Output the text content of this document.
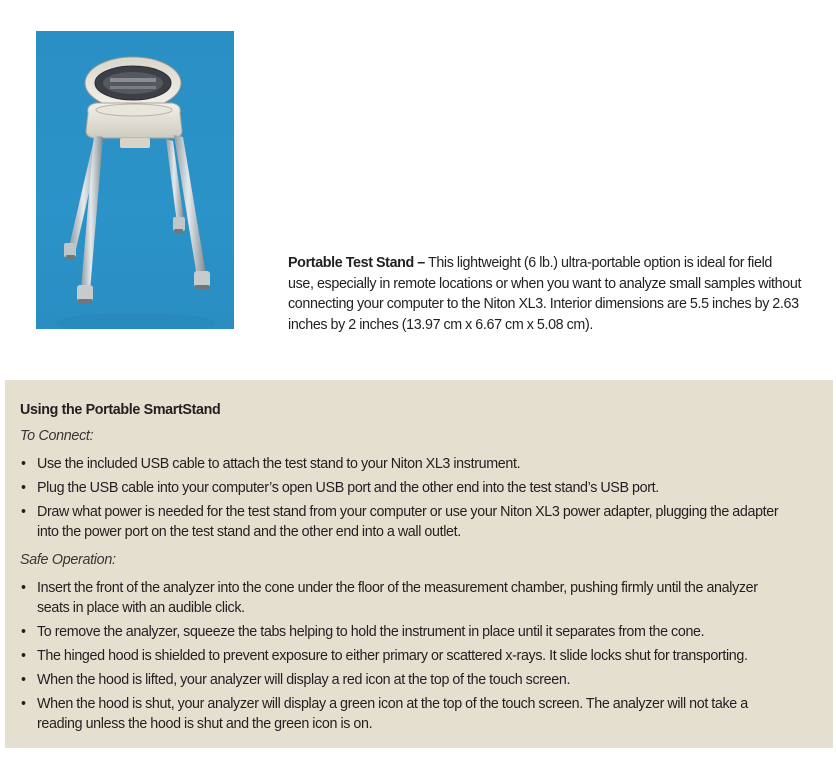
Portable Test Stand – This lightweight (6 lb.) ultra-portable option is ideal for field
use, especially in remote locations or when you want to analyze small samples without
connecting your computer to the Niton XL3. Interior dimensions are 5.5 inches by 2.63
inches by 2 inches (13.97 cm x 6.67 cm x 5.08 cm).

Using the Portable SmartStand
To Connect:
• Use the included USB cable to attach the test stand to your Niton XL3 instrument.
• Plug the USB cable into your computer’s open USB port and the other end into the test stand’s USB port.
• Draw what power is needed for the test stand from your computer or use your Niton XL3 power adapter, plugging the adapter
into the power port on the test stand and the other end into a wall outlet.
Safe Operation:
• Insert the front of the analyzer into the cone under the floor of the measurement chamber, pushing firmly until the analyzer
seats in place with an audible click.
• To remove the analyzer, squeeze the tabs helping to hold the instrument in place until it separates from the cone.
• The hinged hood is shielded to prevent exposure to either primary or scattered x-rays. It slide locks shut for transporting.
• When the hood is lifted, your analyzer will display a red icon at the top of the touch screen.
• When the hood is shut, your analyzer will display a green icon at the top of the touch screen. The analyzer will not take a
reading unless the hood is shut and the green icon is on.
